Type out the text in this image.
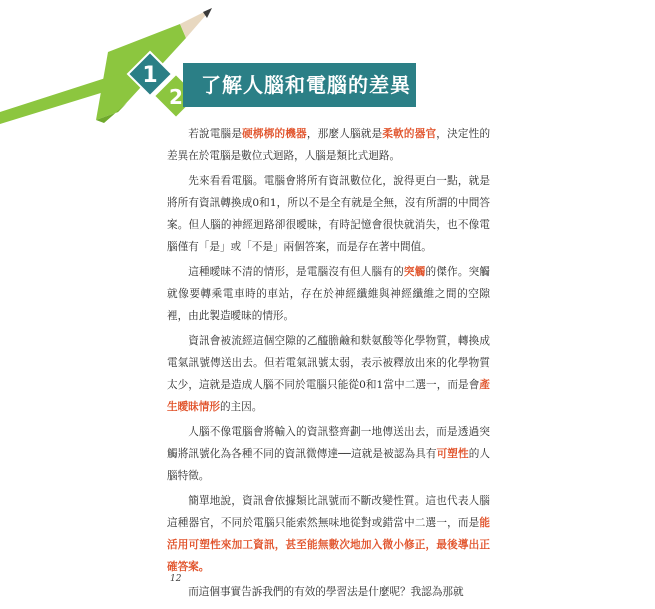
1
2 了解人腦和電腦的差異

若說電腦是硬梆梆的機器，那麼人腦就是柔軟的器官，決定性的差異在於電腦是數位式迴路，人腦是類比式迴路。

先來看看電腦。電腦會將所有資訊數位化，說得更白一點，就是將所有資訊轉換成0和1，所以不是全有就是全無，沒有所謂的中間答案。但人腦的神經迴路卻很曖昧，有時記憶會很快就消失，也不像電腦僅有「是」或「不是」兩個答案，而是存在著中間值。

這種曖昧不清的情形，是電腦沒有但人腦有的突觸的傑作。突觸就像要轉乘電車時的車站，存在於神經纖維與神經纖維之間的空隙裡，由此製造曖昧的情形。

資訊會被流經這個空隙的乙醯膽鹼和麩氨酸等化學物質，轉換成電氣訊號傳送出去。但若電氣訊號太弱，表示被釋放出來的化學物質太少，這就是造成人腦不同於電腦只能從0和1當中二選一，而是會產生曖昧情形的主因。

人腦不像電腦會將輸入的資訊整齊劃一地傳送出去，而是透過突觸將訊號化為各種不同的資訊微傳達──這就是被認為具有可塑性的人腦特徵。

簡單地說，資訊會依據類比訊號而不斷改變性質。這也代表人腦這種器官，不同於電腦只能索然無味地從對或錯當中二選一，而是能活用可塑性來加工資訊，甚至能無數次地加入微小修正，最後導出正確答案。

而這個事實告訴我們的有效的學習法是什麼呢？我認為那就

12
